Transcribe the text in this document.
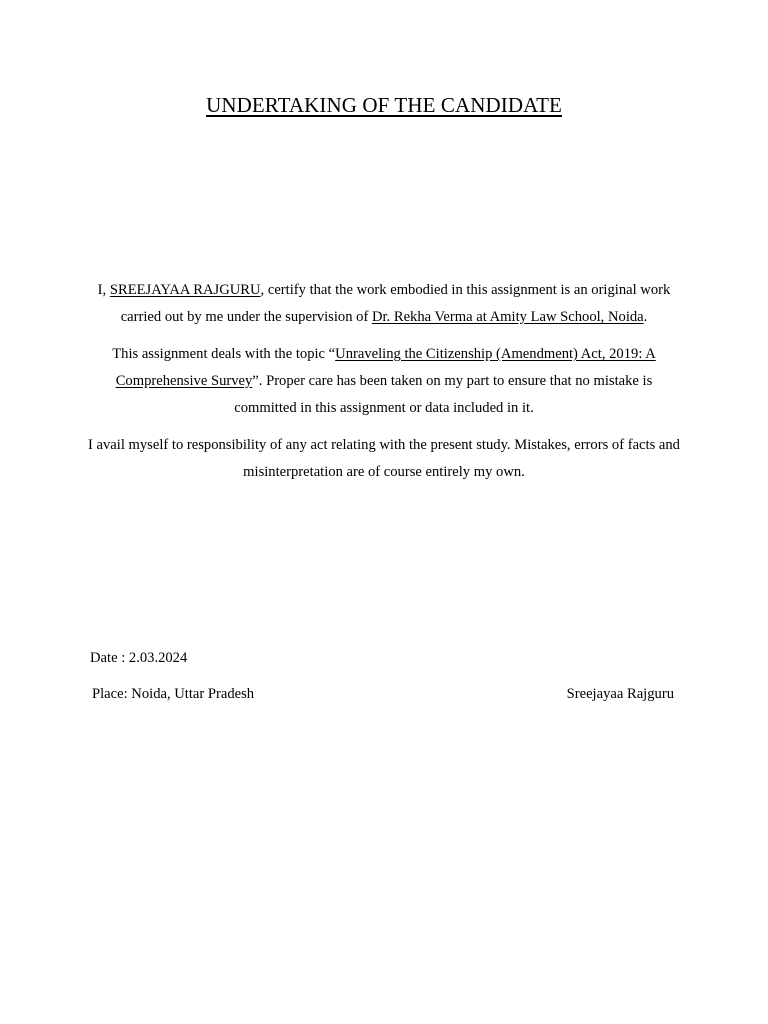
UNDERTAKING OF THE CANDIDATE

I, SREEJAYAA RAJGURU, certify that the work embodied in this assignment is an original work carried out by me under the supervision of Dr. Rekha Verma at Amity Law School, Noida.

This assignment deals with the topic “Unraveling the Citizenship (Amendment) Act, 2019: A Comprehensive Survey”. Proper care has been taken on my part to ensure that no mistake is committed in this assignment or data included in it.

I avail myself to responsibility of any act relating with the present study. Mistakes, errors of facts and misinterpretation are of course entirely my own.

Date : 2.03.2024
Place: Noida, Uttar Pradesh	Sreejayaa Rajguru
